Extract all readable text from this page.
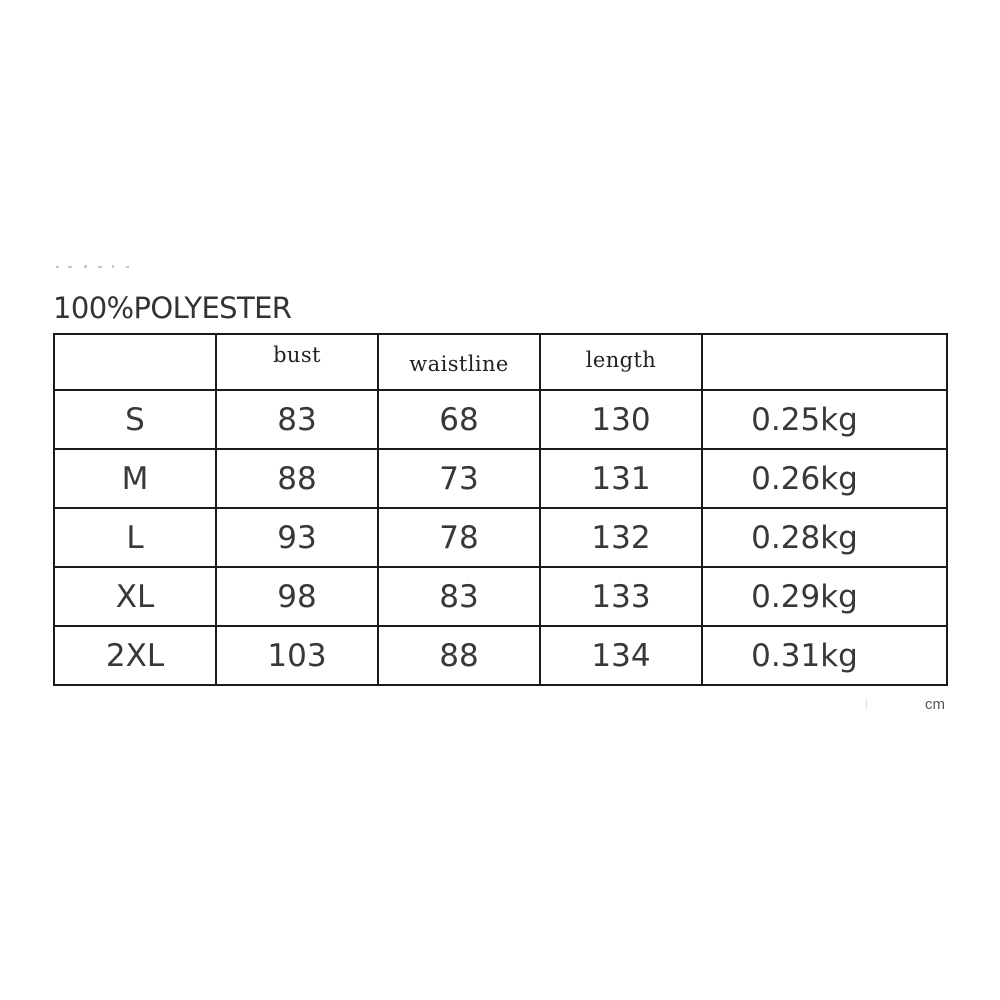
100%POLYESTER
	bust	waistline	length	
S	83	68	130	0.25kg
M	88	73	131	0.26kg
L	93	78	132	0.28kg
XL	98	83	133	0.29kg
2XL	103	88	134	0.31kg
cm
